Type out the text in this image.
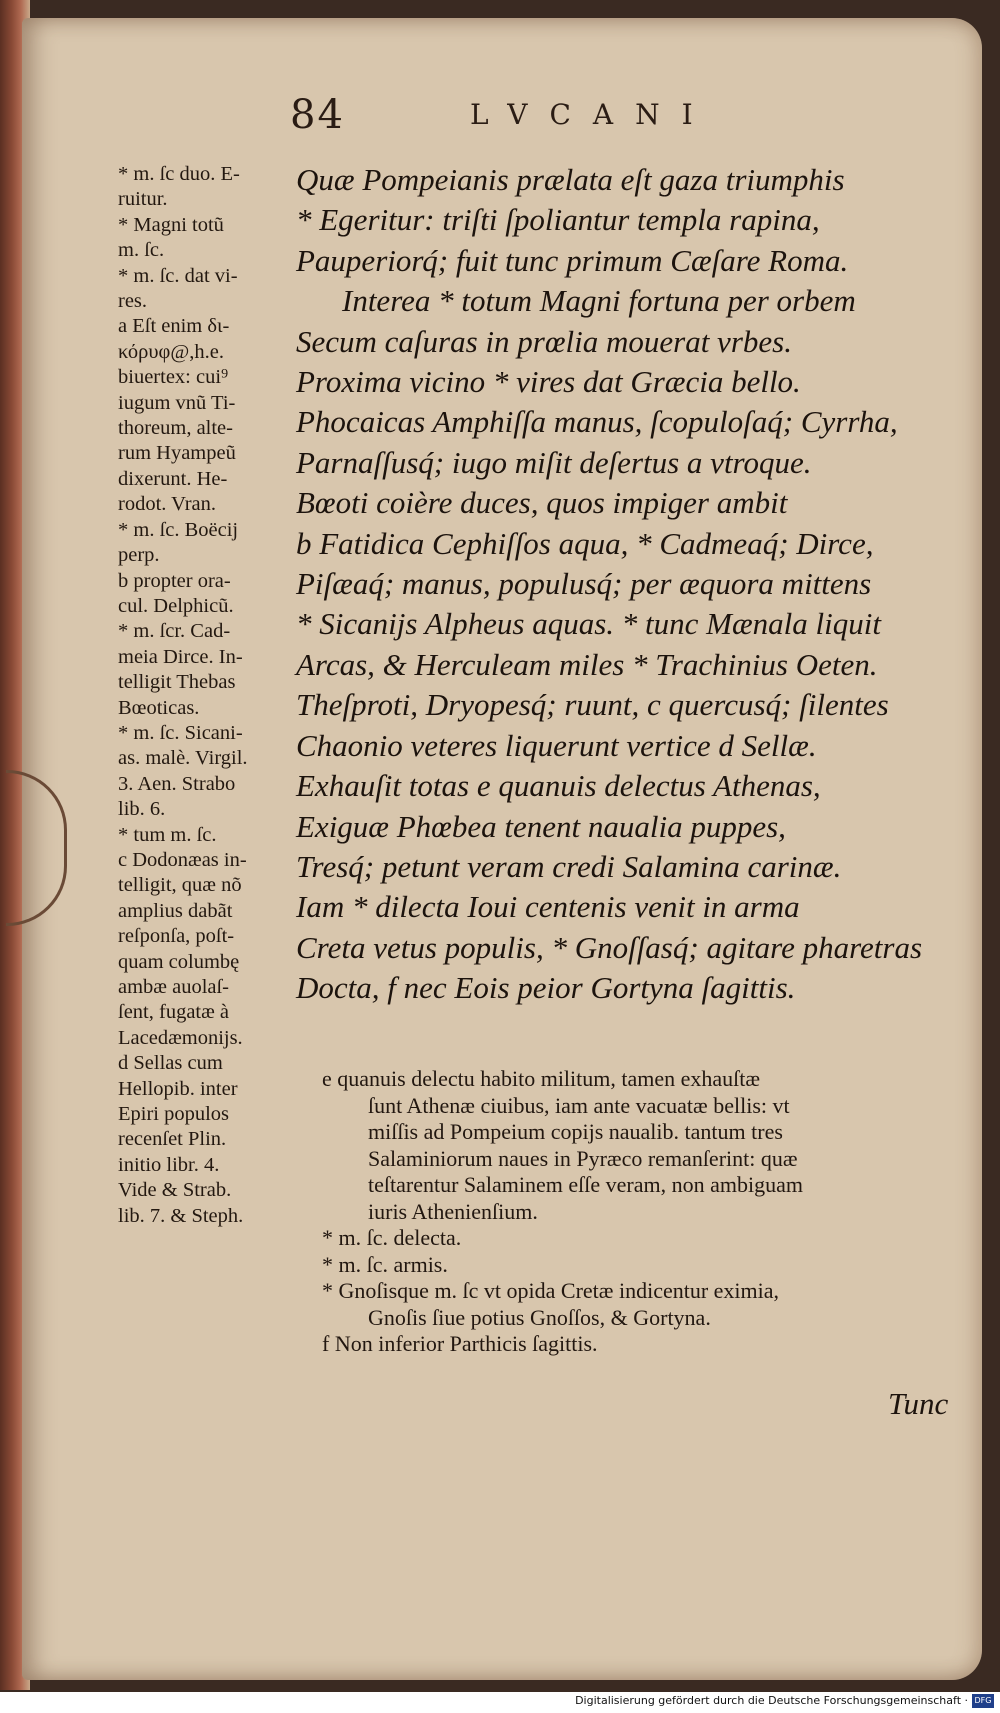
84	LVCANI
* m. ſc duo. E-
ruitur.
* Magni totũ
m. ſc.
* m. ſc. dat vi-
res.
a Eſt enim δι-
κόρυφ@,h.e.
biuertex: cui⁹
iugum vnũ Ti-
thoreum, alte-
rum Hyampeũ
dixerunt. He-
rodot. Vran.
* m. ſc. Boëcij
perp.
b propter ora-
cul. Delphicũ.
* m. ſcr. Cad-
meia Dirce. In-
telligit Thebas
Bœoticas.
* m. ſc. Sicani-
as. malè. Virgil.
3. Aen. Strabo
lib. 6.
* tum m. ſc.
c Dodonæas in-
telligit, quæ nõ
amplius dabãt
reſponſa, poſt-
quam columbę
ambæ auolaſ-
ſent, fugatæ à
Lacedæmonijs.
d Sellas cum
Hellopib. inter
Epiri populos
recenſet Plin.
initio libr. 4.
Vide & Strab.
lib. 7. & Steph.
Quæ Pompeianis prælata eſt gaza triumphis
* Egeritur: triſti ſpoliantur templa rapina,
Pauperiorq́; fuit tunc primum Cæſare Roma.
Interea * totum Magni fortuna per orbem
Secum caſuras in prœlia mouerat vrbes.
Proxima vicino * vires dat Græcia bello.
Phocaicas Amphiſſa manus, ſcopuloſaq́; Cyrrha,
Parnaſſusq́; iugo miſit deſertus a vtroque.
Bœoti coière duces, quos impiger ambit
b Fatidica Cephiſſos aqua, * Cadmeaq́; Dirce,
Piſæaq́; manus, populusq́; per æquora mittens
* Sicanijs Alpheus aquas. * tunc Mænala liquit
Arcas, & Herculeam miles * Trachinius Oeten.
Theſproti, Dryopesq́; ruunt, c quercusq́; ſilentes
Chaonio veteres liquerunt vertice d Sellæ.
Exhauſit totas e quanuis delectus Athenas,
Exiguæ Phœbea tenent naualia puppes,
Tresq́; petunt veram credi Salamina carinæ.
Iam * dilecta Ioui centenis venit in arma
Creta vetus populis, * Gnoſſasq́; agitare pharetras
Docta, f nec Eois peior Gortyna ſagittis.
e quanuis delectu habito militum, tamen exhauſtæ
ſunt Athenæ ciuibus, iam ante vacuatæ bellis: vt
miſſis ad Pompeium copijs naualib. tantum tres
Salaminiorum naues in Pyræco remanſerint: quæ
teſtarentur Salaminem eſſe veram, non ambiguam
iuris Athenienſium.
* m. ſc. delecta.
* m. ſc. armis.
* Gnoſisque m. ſc vt opida Cretæ indicentur eximia,
Gnoſis ſiue potius Gnoſſos, & Gortyna.
f Non inferior Parthicis ſagittis.
Tunc
Digitalisierung gefördert durch die Deutsche Forschungsgemeinschaft · DFG
